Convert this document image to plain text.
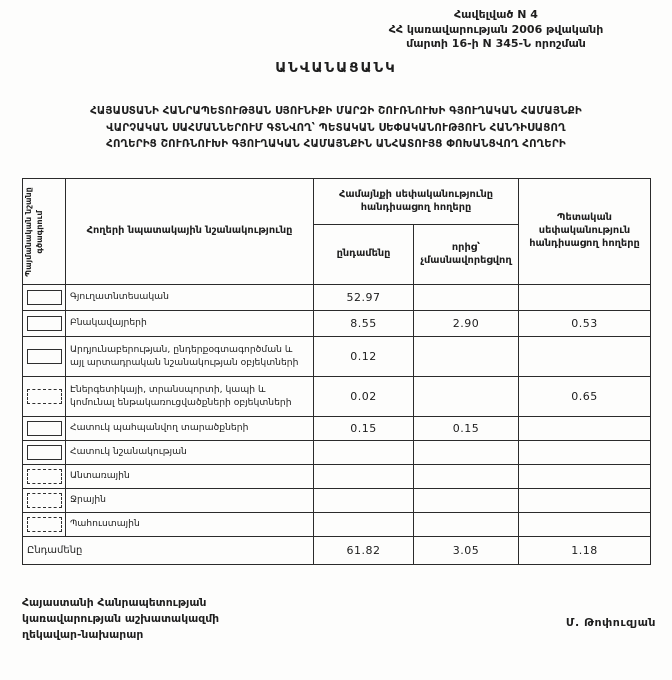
Հավելված N 4
ՀՀ կառավարության 2006 թվականի
մարտի 16-ի N 345-Ն որոշման
ԱՆՎԱՆԱՑԱՆԿ
ՀԱՅԱՍՏԱՆԻ ՀԱՆՐԱՊԵՏՈՒԹՅԱՆ ՍՅՈՒՆԻՔԻ ՄԱՐԶԻ ՇՈՒՌՆՈՒԽԻ ԳՅՈՒՂԱԿԱՆ ՀԱՄԱՅՆՔԻ
ՎԱՐՉԱԿԱՆ ՍԱՀՄԱՆՆԵՐՈՒՄ ԳՏՆՎՈՂ՝ ՊԵՏԱԿԱՆ ՍԵՓԱԿԱՆՈՒԹՅՈՒՆ ՀԱՆԴԻՍԱՑՈՂ
ՀՈՂԵՐԻՑ ՇՈՒՌՆՈՒԽԻ ԳՅՈՒՂԱԿԱՆ ՀԱՄԱՅՆՔԻՆ ԱՆՀԱՏՈՒՅՑ ՓՈԽԱՆՑՎՈՂ ՀՈՂԵՐԻ
Պայմանական նշանը գծագրում	Հողերի նպատակային նշանակությունը	Համայնքի սեփականությունը հանդիսացող հողերը		Պետական սեփականություն հանդիսացող հողերը
		ընդամենը	որից՝ չմասնավորեցվող	

	Գյուղատնտեսական	52.97		

	Բնակավայրերի	8.55	2.90	0.53

	Արդյունաբերության, ընդերքօգտագործման և այլ արտադրական նշանակության օբյեկտների	0.12		

	Էներգետիկայի, տրանսպորտի, կապի և կոմունալ ենթակառուցվածքների օբյեկտների	0.02		0.65

	Հատուկ պահպանվող տարածքների	0.15	0.15	

	Հատուկ նշանակության			

	Անտառային			

	Ջրային			

	Պահուստային			
Ընդամենը		61.82	3.05	1.18
Հայաստանի Հանրապետության
կառավարության աշխատակազմի
ղեկավար-նախարար
Մ. Թոփուզյան
